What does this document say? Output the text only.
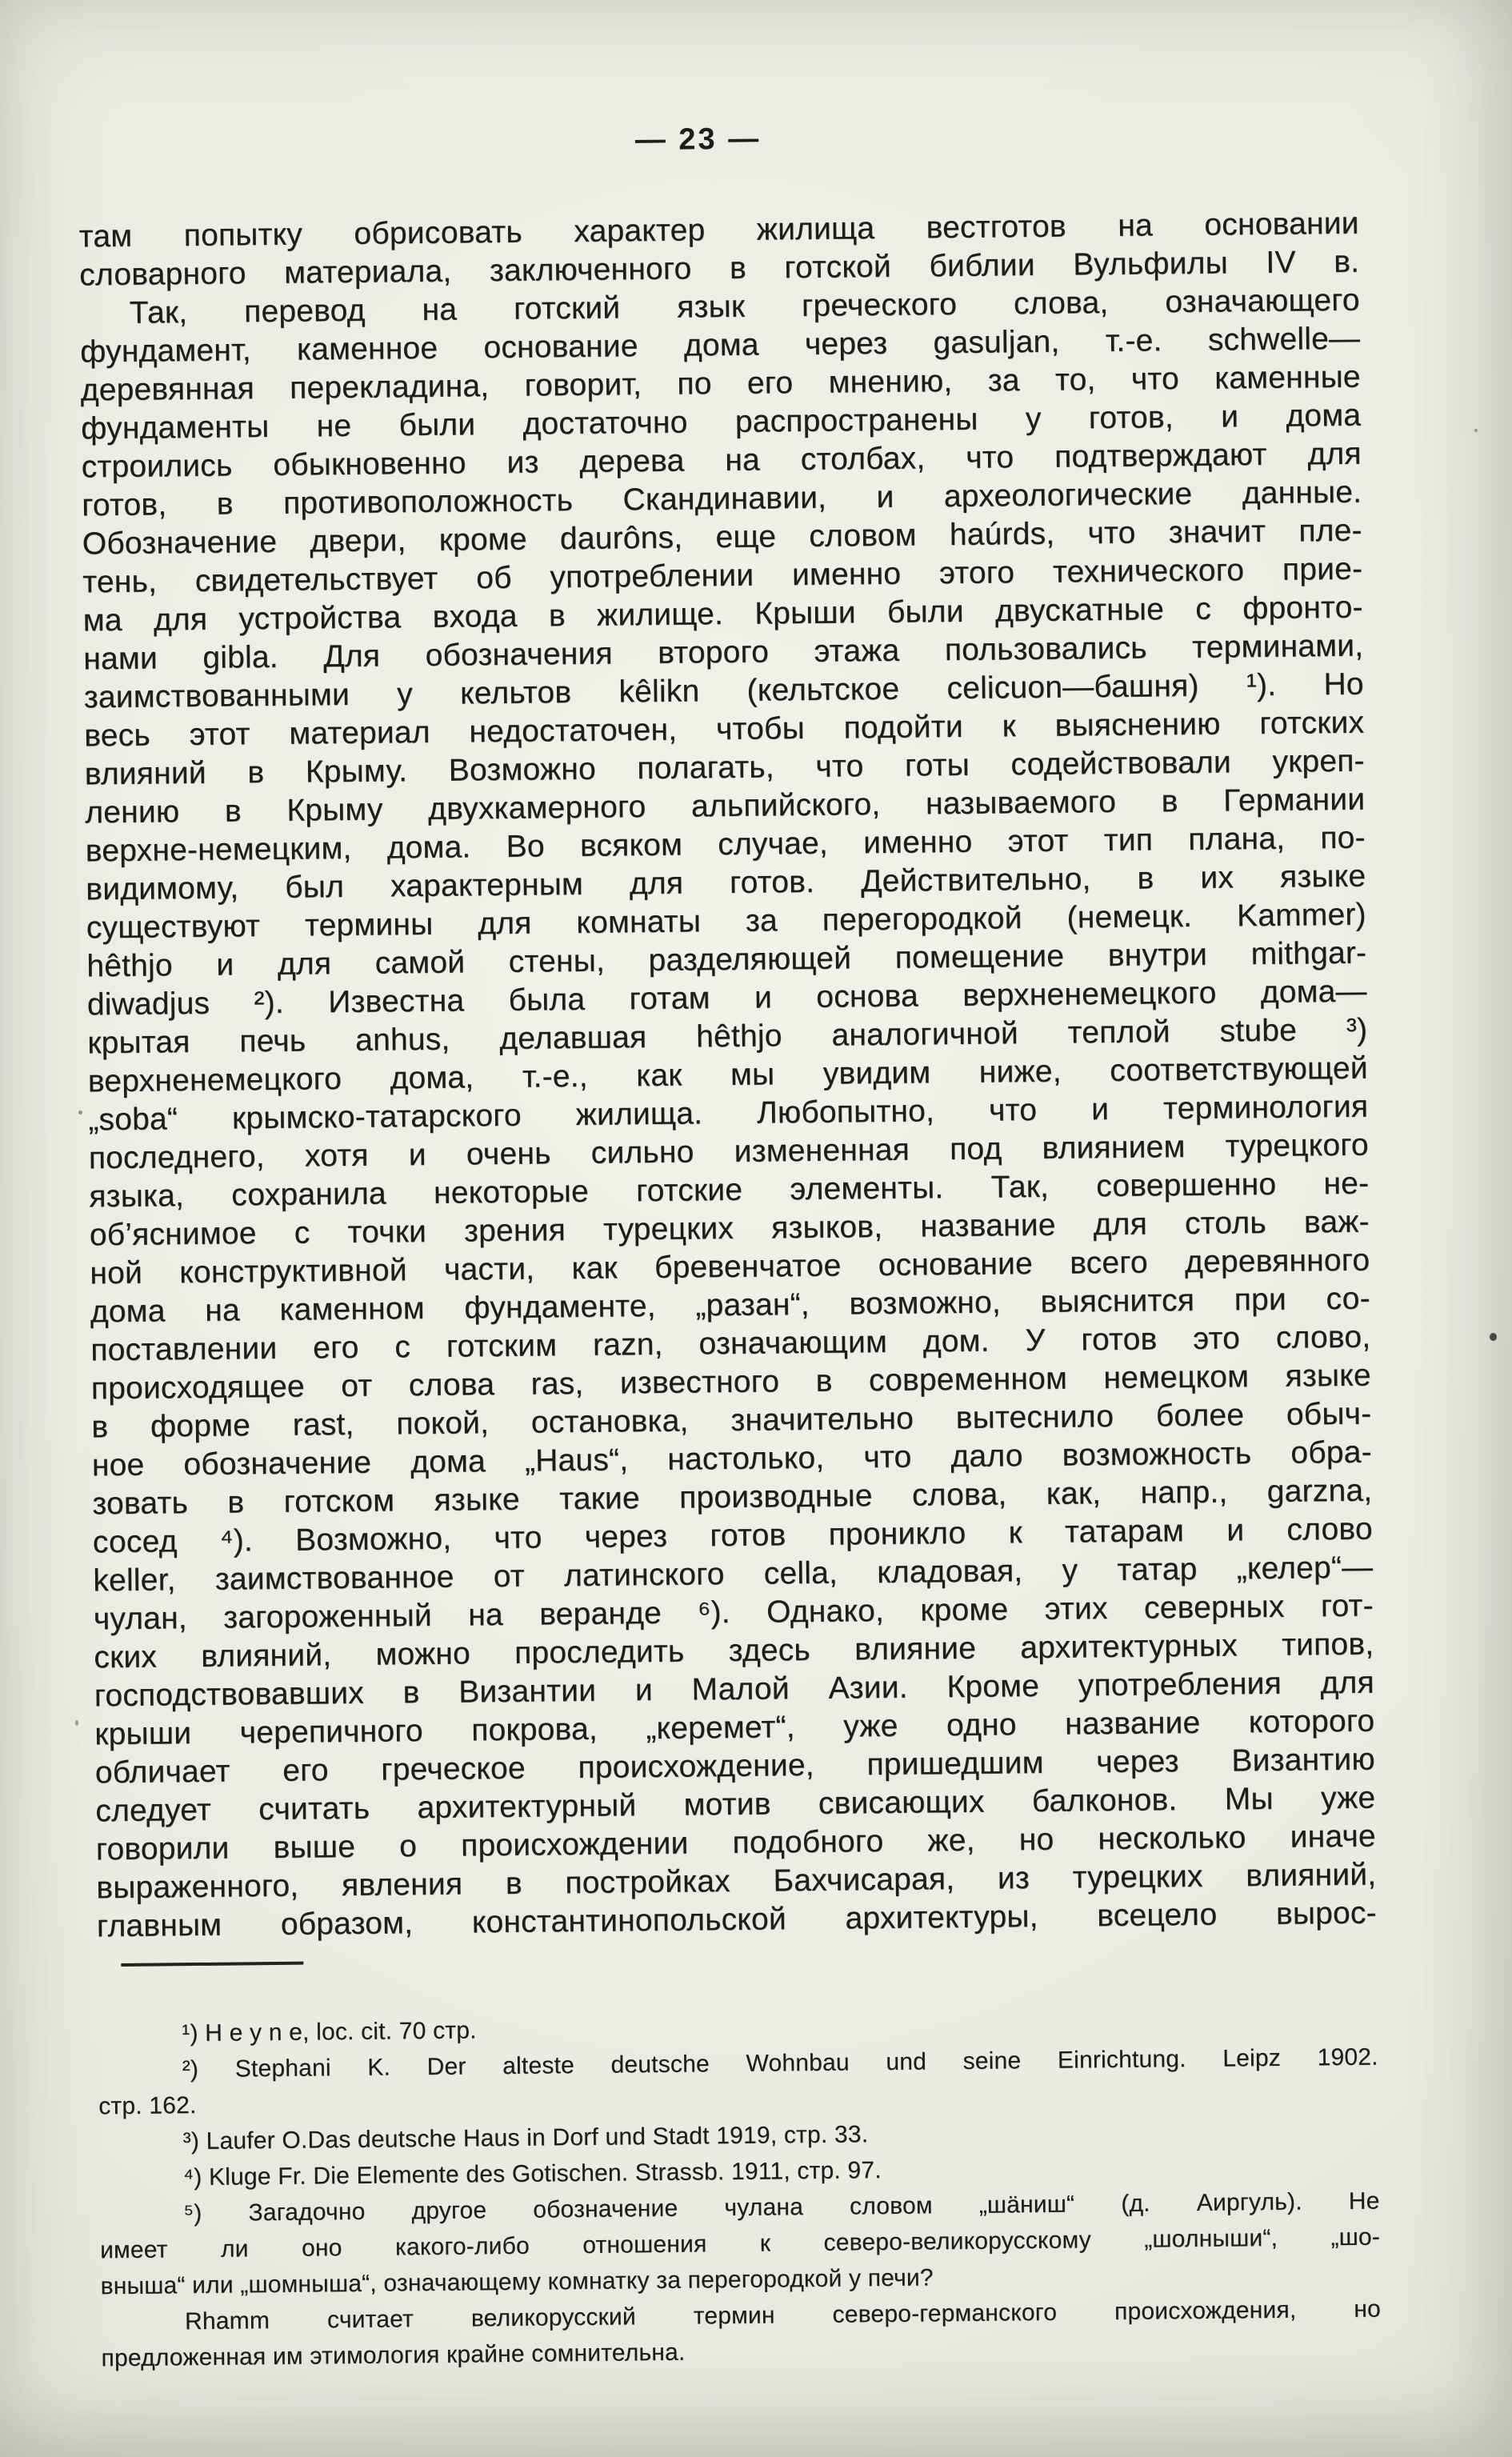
— 23 —
там попытку обрисовать характер жилища вестготов на основании
словарного материала, заключенного в готской библии Вульфилы IV в.
Так, перевод на готский язык греческого слова, означающего
фундамент, каменное основание дома через gasuljan, т.-е. schwelle—
деревянная перекладина, говорит, по его мнению, за то, что каменные
фундаменты не были достаточно распространены у готов, и дома
строились обыкновенно из дерева на столбах, что подтверждают для
готов, в противоположность Скандинавии, и археологические данные.
Обозначение двери, кроме daurôns, еще словом haúrds, что значит пле-
тень, свидетельствует об употреблении именно этого технического прие-
ма для устройства входа в жилище. Крыши были двускатные с фронто-
нами gibla. Для обозначения второго этажа пользовались терминами,
заимствованными у кельтов kêlikn (кельтское celicuon—башня) ¹). Но
весь этот материал недостаточен, чтобы подойти к выяснению готских
влияний в Крыму. Возможно полагать, что готы содействовали укреп-
лению в Крыму двухкамерного альпийского, называемого в Германии
верхне-немецким, дома. Во всяком случае, именно этот тип плана, по-
видимому, был характерным для готов. Действительно, в их языке
существуют термины для комнаты за перегородкой (немецк. Kammer)
hêthjo и для самой стены, разделяющей помещение внутри mithgar-
diwadjus ²). Известна была готам и основа верхненемецкого дома—
крытая печь anhus, делавшая hêthjo аналогичной теплой stube ³)
верхненемецкого дома, т.-е., как мы увидим ниже, соответствующей
„soba“ крымско-татарского жилища. Любопытно, что и терминология
последнего, хотя и очень сильно измененная под влиянием турецкого
языка, сохранила некоторые готские элементы. Так, совершенно не-
об’яснимое с точки зрения турецких языков, название для столь важ-
ной конструктивной части, как бревенчатое основание всего деревянного
дома на каменном фундаменте, „разан“, возможно, выяснится при со-
поставлении его с готским razn, означающим дом. У готов это слово,
происходящее от слова ras, известного в современном немецком языке
в форме rast, покой, остановка, значительно вытеснило более обыч-
ное обозначение дома „Haus“, настолько, что дало возможность обра-
зовать в готском языке такие производные слова, как, напр., garzna,
сосед ⁴). Возможно, что через готов проникло к татарам и слово
keller, заимствованное от латинского cella, кладовая, у татар „келер“—
чулан, загороженный на веранде ⁶). Однако, кроме этих северных гот-
ских влияний, можно проследить здесь влияние архитектурных типов,
господствовавших в Византии и Малой Азии. Кроме употребления для
крыши черепичного покрова, „керемет“, уже одно название которого
обличает его греческое происхождение, пришедшим через Византию
следует считать архитектурный мотив свисающих балконов. Мы уже
говорили выше о происхождении подобного же, но несколько иначе
выраженного, явления в постройках Бахчисарая, из турецких влияний,
главным образом, константинопольской архитектуры, всецело вырос-
¹) H e y n e, loc. cit. 70 стр.
²) Stephani K. Der alteste deutsche Wohnbau und seine Einrichtung. Leipz 1902.
стр. 162.
³) Laufer O.Das deutsche Haus in Dorf und Stadt 1919, стр. 33.
⁴) Kluge Fr. Die Elemente des Gotischen. Strassb. 1911, стр. 97.
⁵) Загадочно другое обозначение чулана словом „шäниш“ (д. Аиргуль). Не
имеет ли оно какого-либо отношения к северо-великорусскому „шолныши“, „шо-
вныша“ или „шомныша“, означающему комнатку за перегородкой у печи?
Rhamm считает великорусский термин северо-германского происхождения, но
предложенная им этимология крайне сомнительна.
